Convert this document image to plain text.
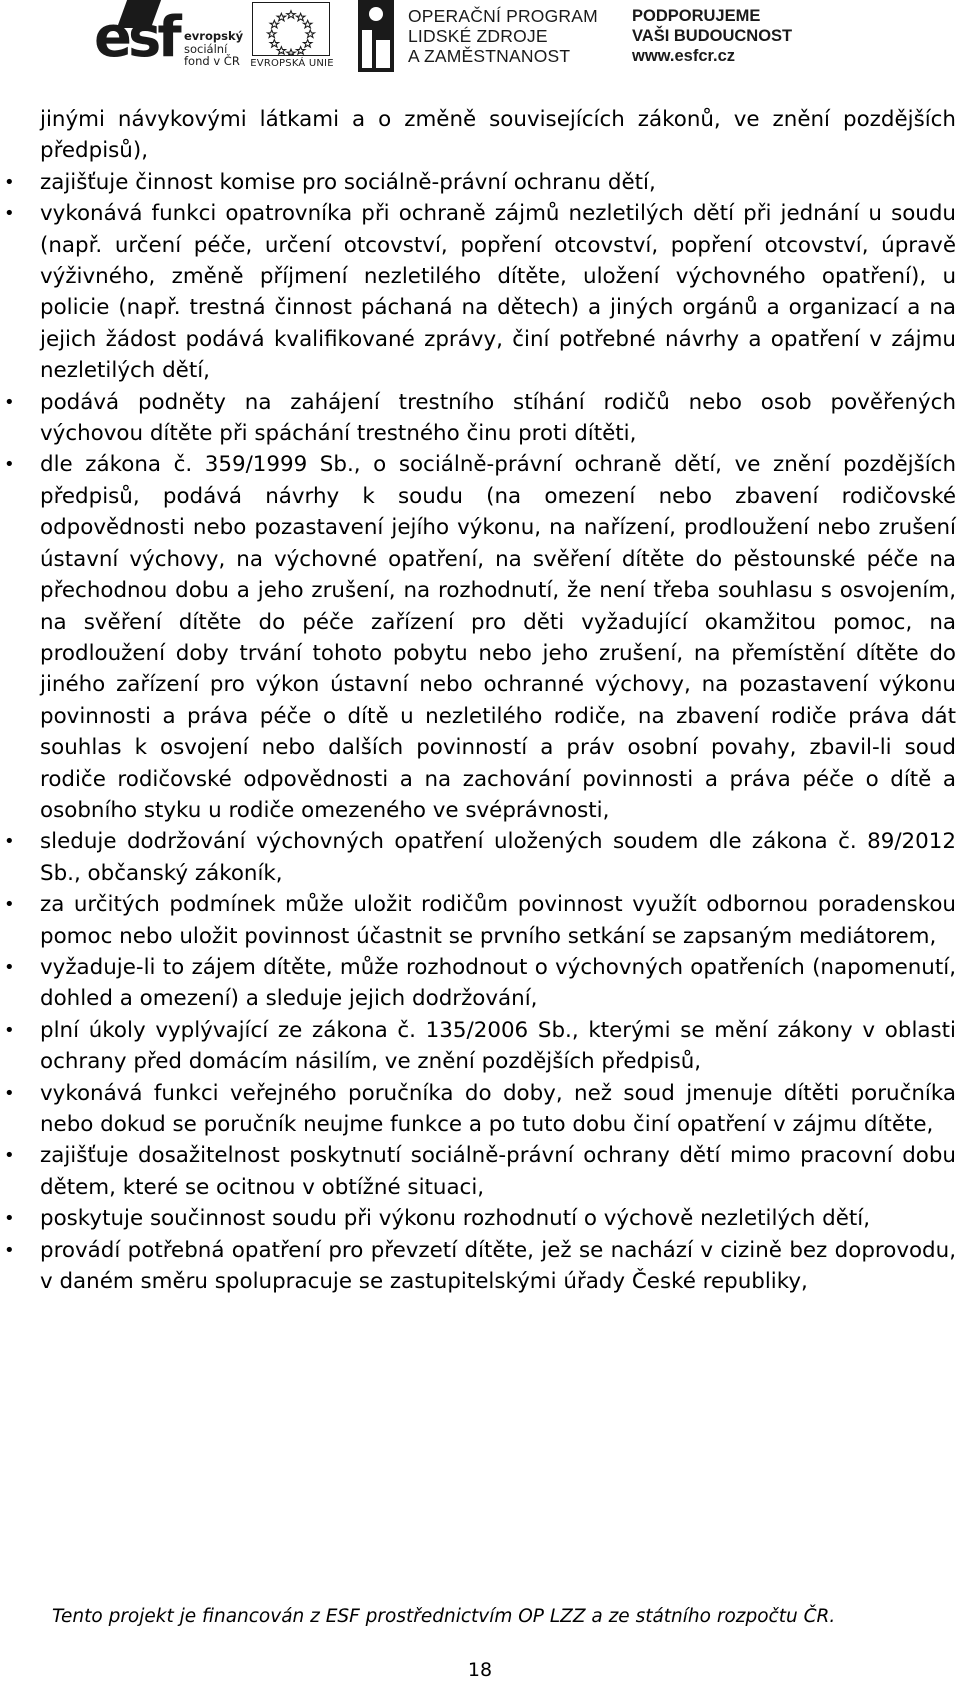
esf evropský
sociální
fond v ČR	EVROPSKÁ UNIE
OPERAČNÍ PROGRAM
LIDSKÉ ZDROJE
A ZAMĚSTNANOST
PODPORUJEME
VAŠI BUDOUCNOST
www.esfcr.cz

jinými návykovými látkami a o změně souvisejících zákonů, ve znění pozdějších předpisů),

• zajišťuje činnost komise pro sociálně-právní ochranu dětí,
• vykonává funkci opatrovníka při ochraně zájmů nezletilých dětí při jednání u soudu (např. určení péče, určení otcovství, popření otcovství, popření otcovství, úpravě výživného, změně příjmení nezletilého dítěte, uložení výchovného opatření), u policie (např. trestná činnost páchaná na dětech) a jiných orgánů a organizací a na jejich žádost podává kvalifikované zprávy, činí potřebné návrhy a opatření v zájmu nezletilých dětí,
• podává podněty na zahájení trestního stíhání rodičů nebo osob pověřených výchovou dítěte při spáchání trestného činu proti dítěti,
• dle zákona č. 359/1999 Sb., o sociálně-právní ochraně dětí, ve znění pozdějších předpisů, podává návrhy k soudu (na omezení nebo zbavení rodičovské odpovědnosti nebo pozastavení jejího výkonu, na nařízení, prodloužení nebo zrušení ústavní výchovy, na výchovné opatření, na svěření dítěte do pěstounské péče na přechodnou dobu a jeho zrušení, na rozhodnutí, že není třeba souhlasu s osvojením, na svěření dítěte do péče zařízení pro děti vyžadující okamžitou pomoc, na prodloužení doby trvání tohoto pobytu nebo jeho zrušení, na přemístění dítěte do jiného zařízení pro výkon ústavní nebo ochranné výchovy, na pozastavení výkonu povinnosti a práva péče o dítě u nezletilého rodiče, na zbavení rodiče práva dát souhlas k osvojení nebo dalších povinností a práv osobní povahy, zbavil-li soud rodiče rodičovské odpovědnosti a na zachování povinnosti a práva péče o dítě a osobního styku u rodiče omezeného ve svéprávnosti,
• sleduje dodržování výchovných opatření uložených soudem dle zákona č. 89/2012 Sb., občanský zákoník,
• za určitých podmínek může uložit rodičům povinnost využít odbornou poradenskou pomoc nebo uložit povinnost účastnit se prvního setkání se zapsaným mediátorem,
• vyžaduje-li to zájem dítěte, může rozhodnout o výchovných opatřeních (napomenutí, dohled a omezení) a sleduje jejich dodržování,
• plní úkoly vyplývající ze zákona č. 135/2006 Sb., kterými se mění zákony v oblasti ochrany před domácím násilím, ve znění pozdějších předpisů,
• vykonává funkci veřejného poručníka do doby, než soud jmenuje dítěti poručníka nebo dokud se poručník neujme funkce a po tuto dobu činí opatření v zájmu dítěte,
• zajišťuje dosažitelnost poskytnutí sociálně-právní ochrany dětí mimo pracovní dobu dětem, které se ocitnou v obtížné situaci,
• poskytuje součinnost soudu při výkonu rozhodnutí o výchově nezletilých dětí,
• provádí potřebná opatření pro převzetí dítěte, jež se nachází v cizině bez doprovodu, v daném směru spolupracuje se zastupitelskými úřady České republiky,
Tento projekt je financován z ESF prostřednictvím OP LZZ a ze státního rozpočtu ČR.
18
